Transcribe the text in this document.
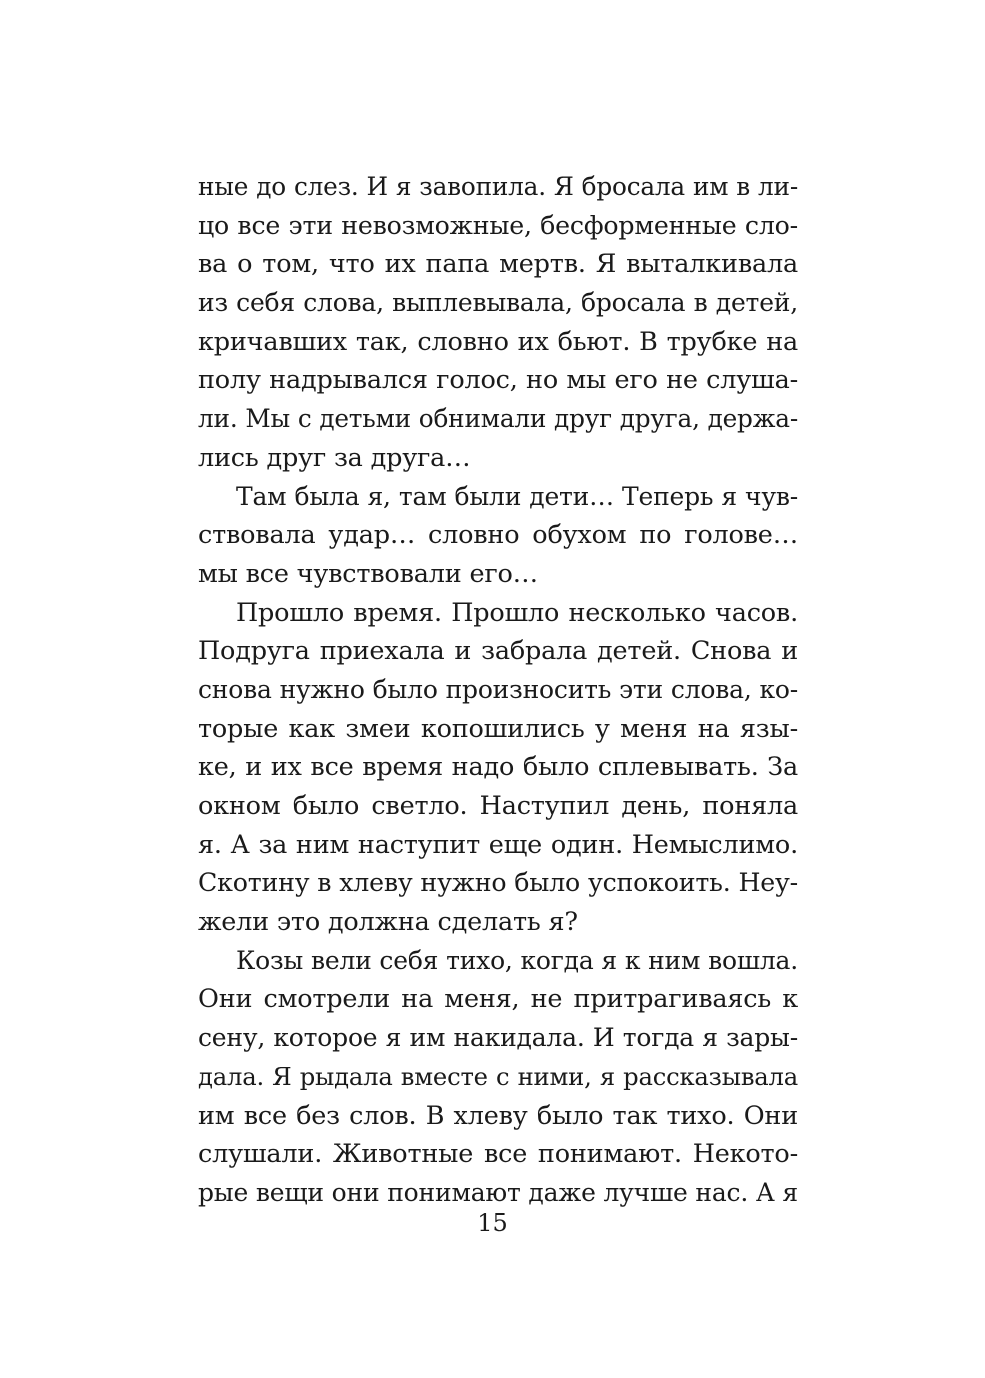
ные до слез. И я завопила. Я бросала им в ли-
цо все эти невозможные, бесформенные сло-
ва о том, что их папа мертв. Я выталкивала
из себя слова, выплевывала, бросала в детей,
кричавших так, словно их бьют. В трубке на
полу надрывался голос, но мы его не слуша-
ли. Мы с детьми обнимали друг друга, держа-
лись друг за друга…
Там была я, там были дети… Теперь я чув-
ствовала удар… словно обухом по голове…
мы все чувствовали его…
Прошло время. Прошло несколько часов.
Подруга приехала и забрала детей. Снова и
снова нужно было произносить эти слова, ко-
торые как змеи копошились у меня на язы-
ке, и их все время надо было сплевывать. За
окном было светло. Наступил день, поняла
я. А за ним наступит еще один. Немыслимо.
Скотину в хлеву нужно было успокоить. Неу-
жели это должна сделать я?
Козы вели себя тихо, когда я к ним вошла.
Они смотрели на меня, не притрагиваясь к
сену, которое я им накидала. И тогда я зары-
дала. Я рыдала вместе с ними, я рассказывала
им все без слов. В хлеву было так тихо. Они
слушали. Животные все понимают. Некото-
рые вещи они понимают даже лучше нас. А я
15
